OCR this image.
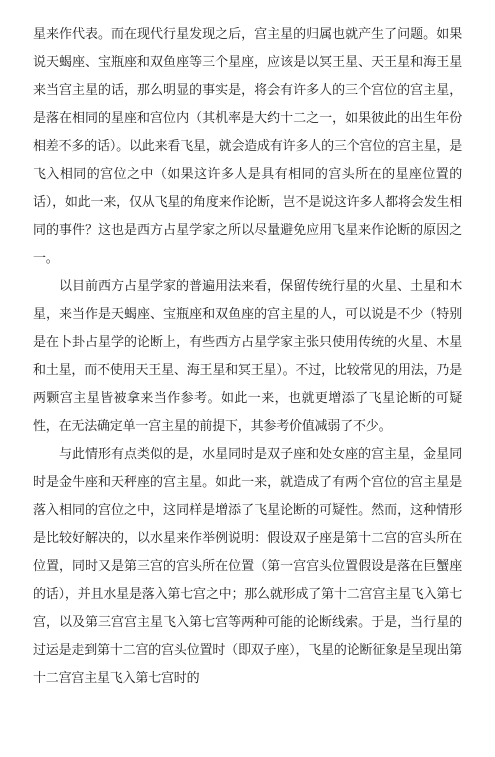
星来作代表。而在现代行星发现之后，宫主星的归属也就产生了问题。如果说天蝎座、宝瓶座和双鱼座等三个星座，应该是以冥王星、天王星和海王星来当宫主星的话，那么明显的事实是，将会有许多人的三个宫位的宫主星，是落在相同的星座和宫位内（其机率是大约十二之一，如果彼此的出生年份相差不多的话）。以此来看飞星，就会造成有许多人的三个宫位的宫主星，是飞入相同的宫位之中（如果这许多人是具有相同的宫头所在的星座位置的话），如此一来，仅从飞星的角度来作论断，岂不是说这许多人都将会发生相同的事件？这也是西方占星学家之所以尽量避免应用飞星来作论断的原因之一。

以目前西方占星学家的普遍用法来看，保留传统行星的火星、土星和木星，来当作是天蝎座、宝瓶座和双鱼座的宫主星的人，可以说是不少（特别是在卜卦占星学的论断上，有些西方占星学家主张只使用传统的火星、木星和土星，而不使用天王星、海王星和冥王星）。不过，比较常见的用法，乃是两颗宫主星皆被拿来当作参考。如此一来，也就更增添了飞星论断的可疑性，在无法确定单一宫主星的前提下，其参考价值减弱了不少。

与此情形有点类似的是，水星同时是双子座和处女座的宫主星，金星同时是金牛座和天秤座的宫主星。如此一来，就造成了有两个宫位的宫主星是落入相同的宫位之中，这同样是增添了飞星论断的可疑性。然而，这种情形是比较好解决的，以水星来作举例说明：假设双子座是第十二宫的宫头所在位置，同时又是第三宫的宫头所在位置（第一宫宫头位置假设是落在巨蟹座的话），并且水星是落入第七宫之中；那么就形成了第十二宫宫主星飞入第七宫，以及第三宫宫主星飞入第七宫等两种可能的论断线索。于是，当行星的过运是走到第十二宫的宫头位置时（即双子座），飞星的论断征象是呈现出第十二宫宫主星飞入第七宫时的
